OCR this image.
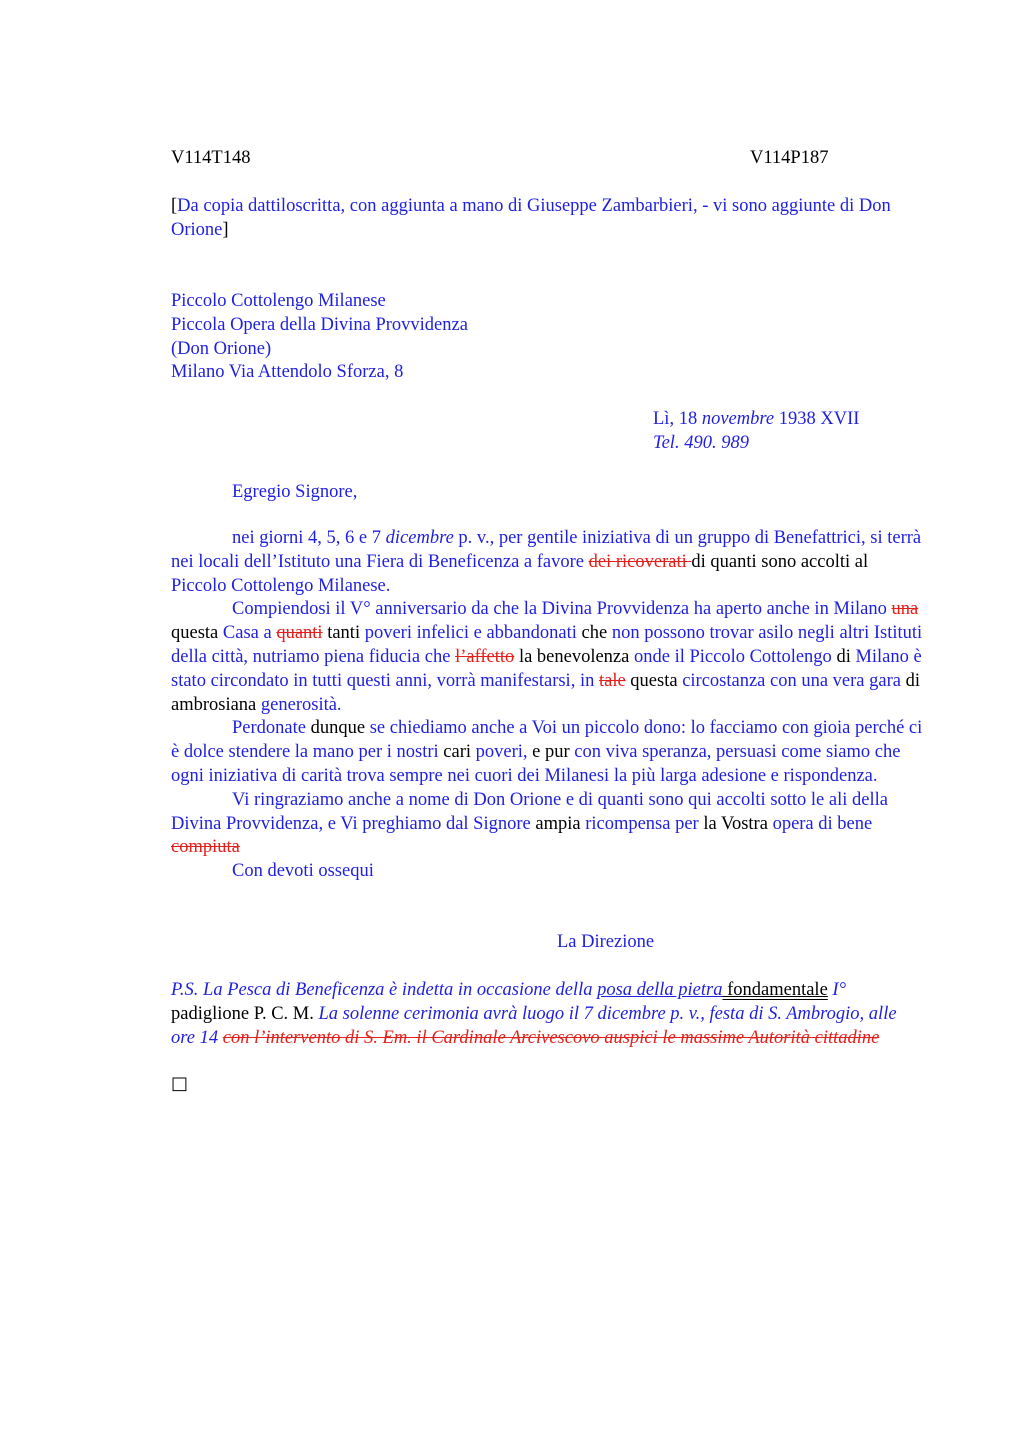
V114T148	V114P187
[Da copia dattiloscritta, con aggiunta a mano di Giuseppe Zambarbieri, - vi sono aggiunte di Don Orione]
Piccolo Cottolengo Milanese
Piccola Opera della Divina Provvidenza
(Don Orione)
Milano Via Attendolo Sforza, 8
Lì, 18 novembre 1938 XVII
Tel. 490. 989
Egregio Signore,

nei giorni 4, 5, 6 e 7 dicembre p. v., per gentile iniziativa di un gruppo di Benefattrici, si terrà nei locali dell’Istituto una Fiera di Beneficenza a favore dei ricoverati di quanti sono accolti al Piccolo Cottolengo Milanese.

Compiendosi il V° anniversario da che la Divina Provvidenza ha aperto anche in Milano una questa Casa a quanti tanti poveri infelici e abbandonati che non possono trovar asilo negli altri Istituti della città, nutriamo piena fiducia che l’affetto la benevolenza onde il Piccolo Cottolengo di Milano è stato circondato in tutti questi anni, vorrà manifestarsi, in tale questa circostanza con una vera gara di ambrosiana generosità.

Perdonate dunque se chiediamo anche a Voi un piccolo dono: lo facciamo con gioia perché ci è dolce stendere la mano per i nostri cari poveri, e pur con viva speranza, persuasi come siamo che ogni iniziativa di carità trova sempre nei cuori dei Milanesi la più larga adesione e rispondenza.

Vi ringraziamo anche a nome di Don Orione e di quanti sono qui accolti sotto le ali della Divina Provvidenza, e Vi preghiamo dal Signore ampia ricompensa per la Vostra opera di bene compiuta

Con devoti ossequi

La Direzione
P.S. La Pesca di Beneficenza è indetta in occasione della posa della pietra fondamentale I° padiglione P. C. M. La solenne cerimonia avrà luogo il 7 dicembre p. v., festa di S. Ambrogio, alle ore 14 con l’intervento di S. Em. il Cardinale Arcivescovo auspici le massime Autorità cittadine
□
